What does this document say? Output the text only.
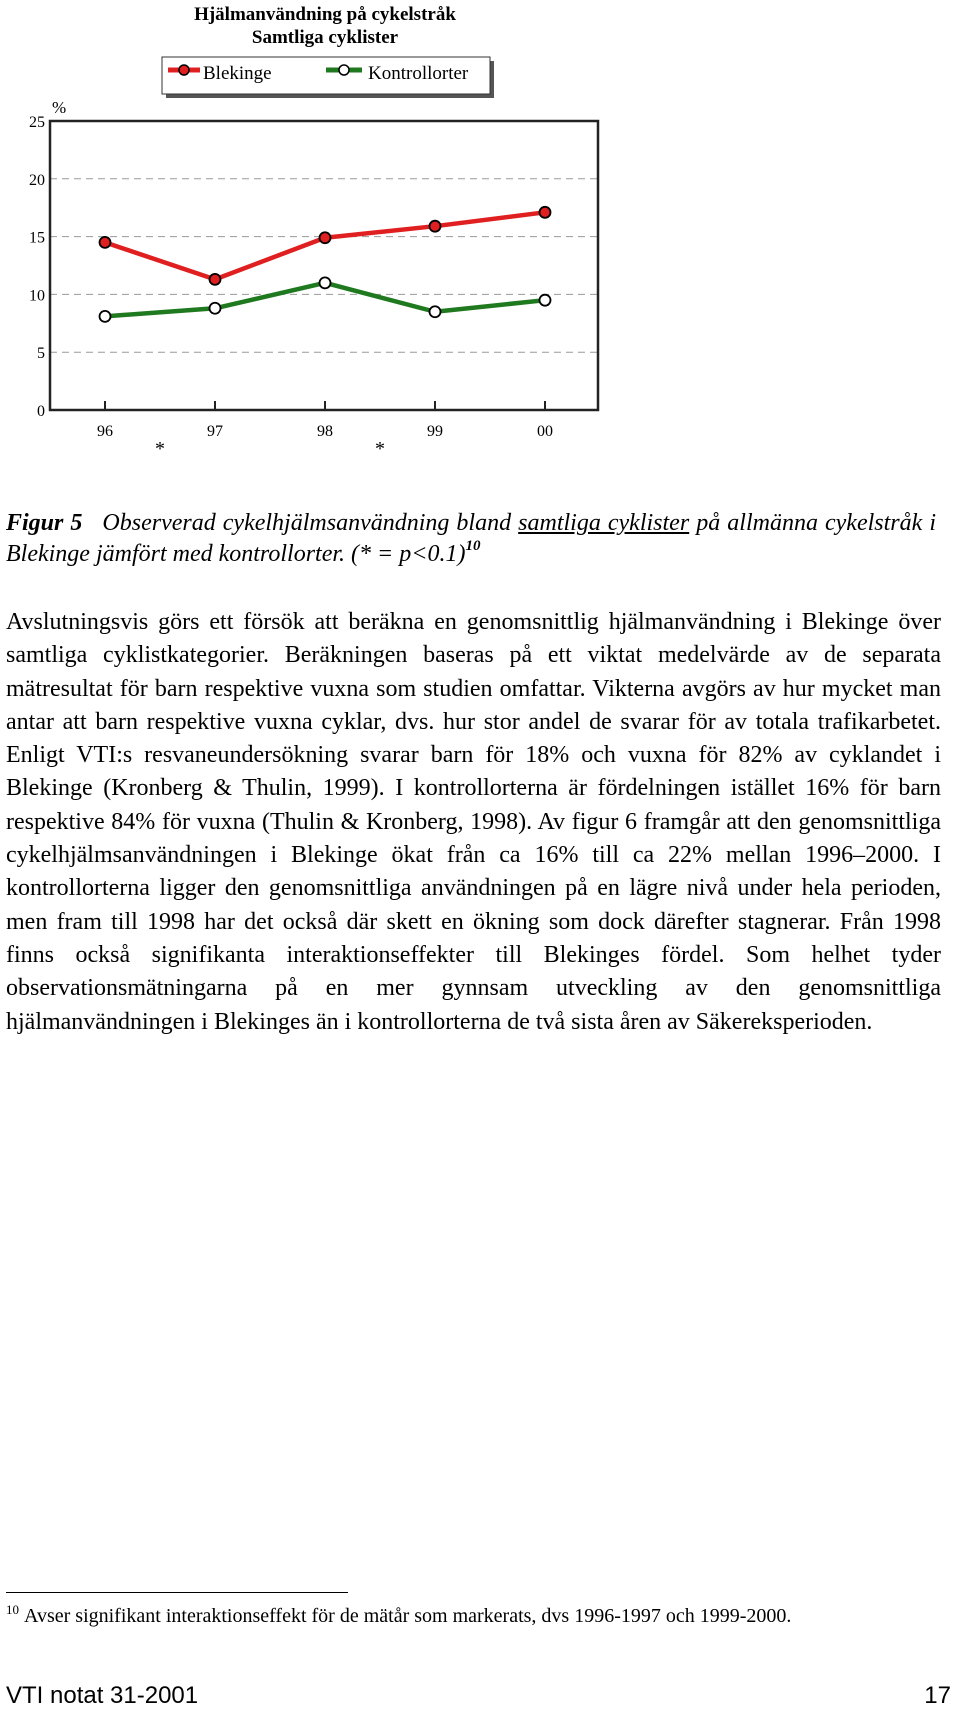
Hjälmanvändning på cykelstråk
Samtliga cyklister
Blekinge	Kontrollorter
%
0
5
10
15
20
25
96	97	98	99	00
*	*
Figur 5 Observerad cykelhjälmsanvändning bland samtliga cyklister på allmänna cykelstråk i Blekinge jämfört med kontrollorter. (* = p<0.1)$^{10}$

Avslutningsvis görs ett försök att beräkna en genomsnittlig hjälmanvändning i Blekinge över samtliga cyklistkategorier. Beräkningen baseras på ett viktat medelvärde av de separata mätresultat för barn respektive vuxna som studien omfattar. Vikterna avgörs av hur mycket man antar att barn respektive vuxna cyklar, dvs. hur stor andel de svarar för av totala trafikarbetet. Enligt VTI:s resvaneundersökning svarar barn för 18% och vuxna för 82% av cyklandet i Blekinge (Kronberg & Thulin, 1999). I kontrollorterna är fördelningen istället 16% för barn respektive 84% för vuxna (Thulin & Kronberg, 1998). Av figur 6 framgår att den genomsnittliga cykelhjälmsanvändningen i Blekinge ökat från ca 16% till ca 22% mellan 1996–2000. I kontrollorterna ligger den genomsnittliga användningen på en lägre nivå under hela perioden, men fram till 1998 har det också där skett en ökning som dock därefter stagnerar. Från 1998 finns också signifikanta interaktionseffekter till Blekinges fördel. Som helhet tyder observationsmätningarna på en mer gynnsam utveckling av den genomsnittliga hjälmanvändningen i Blekinges än i kontrollorterna de två sista åren av Säkereksperioden.

$^{10}$ Avser signifikant interaktionseffekt för de mätår som markerats, dvs 1996-1997 och 1999-2000.
VTI notat 31-2001	17
